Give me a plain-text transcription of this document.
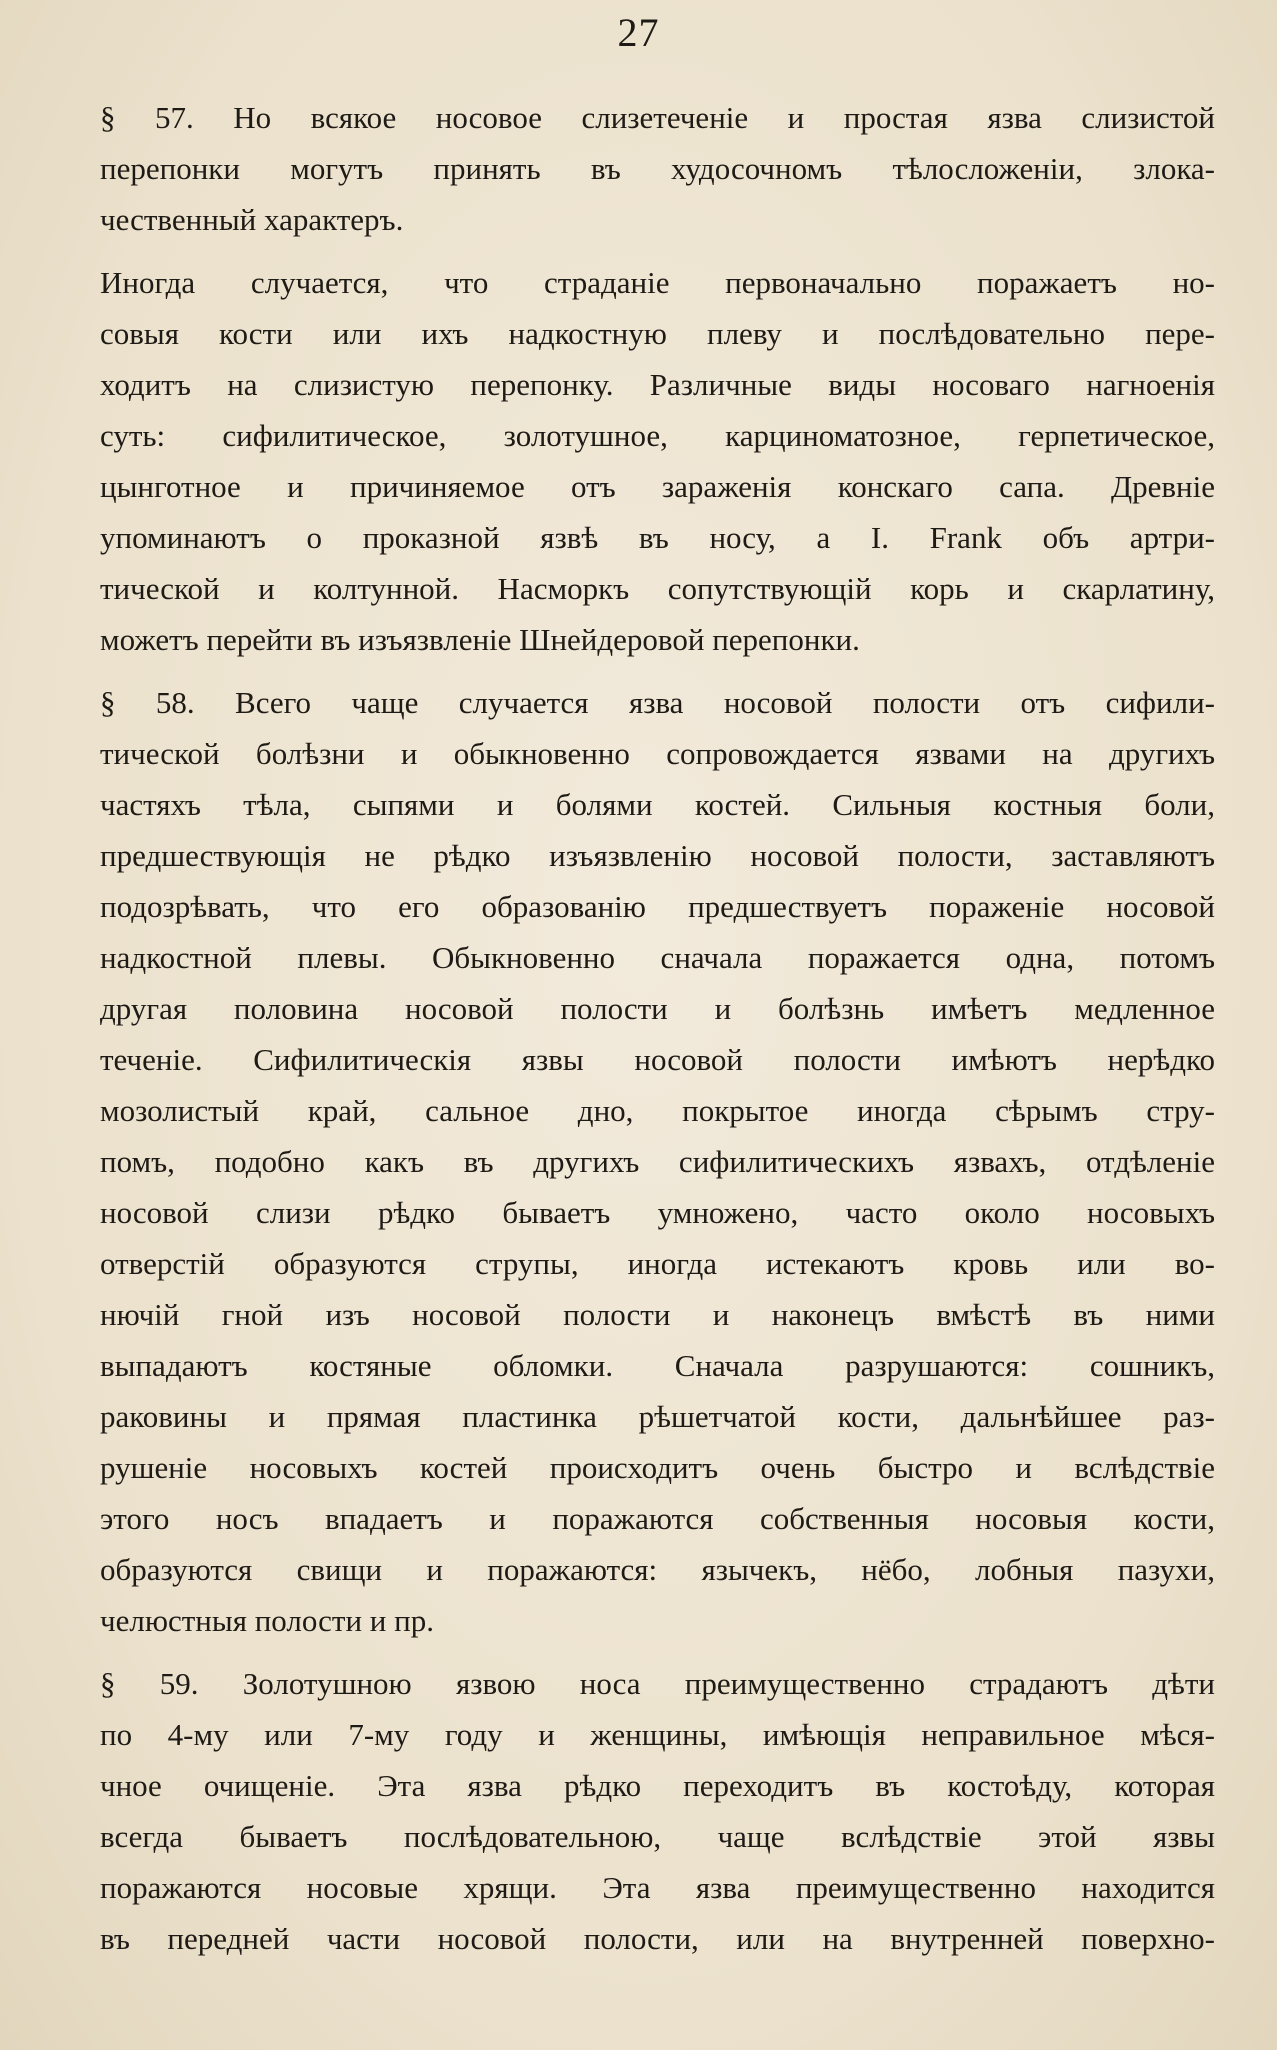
27

§ 57. Но всякое носовое слизетеченіе и простая язва слизистой
перепонки могутъ принять въ худосочномъ тѣлосложеніи, злока-
чественный характеръ.

Иногда случается, что страданіе первоначально поражаетъ но-
совыя кости или ихъ надкостную плеву и послѣдовательно пере-
ходитъ на слизистую перепонку. Различные виды носоваго нагноенія
суть: сифилитическое, золотушное, карциноматозное, герпетическое,
цынготное и причиняемое отъ зараженія конскаго сапа. Древніе
упоминаютъ о проказной язвѣ въ носу, а I. Frank объ артри-
тической и колтунной. Насморкъ сопутствующій корь и скарлатину,
можетъ перейти въ изъязвленіе Шнейдеровой перепонки.

§ 58. Всего чаще случается язва носовой полости отъ сифили-
тической болѣзни и обыкновенно сопровождается язвами на другихъ
частяхъ тѣла, сыпями и болями костей. Сильныя костныя боли,
предшествующія не рѣдко изъязвленію носовой полости, заставляютъ
подозрѣвать, что его образованію предшествуетъ пораженіе носовой
надкостной плевы. Обыкновенно сначала поражается одна, потомъ
другая половина носовой полости и болѣзнь имѣетъ медленное
теченіе. Сифилитическія язвы носовой полости имѣютъ нерѣдко
мозолистый край, сальное дно, покрытое иногда сѣрымъ стру-
помъ, подобно какъ въ другихъ сифилитическихъ язвахъ, отдѣленіе
носовой слизи рѣдко бываетъ умножено, часто около носовыхъ
отверстій образуются струпы, иногда истекаютъ кровь или во-
нючій гной изъ носовой полости и наконецъ вмѣстѣ въ ними
выпадаютъ костяные обломки. Сначала разрушаются: сошникъ,
раковины и прямая пластинка рѣшетчатой кости, дальнѣйшее раз-
рушеніе носовыхъ костей происходитъ очень быстро и вслѣдствіе
этого носъ впадаетъ и поражаются собственныя носовыя кости,
образуются свищи и поражаются: язычекъ, нёбо, лобныя пазухи,
челюстныя полости и пр.

§ 59. Золотушною язвою носа преимущественно страдаютъ дѣти
по 4-му или 7-му году и женщины, имѣющія неправильное мѣся-
чное очищеніе. Эта язва рѣдко переходитъ въ костоѣду, которая
всегда бываетъ послѣдовательною, чаще вслѣдствіе этой язвы
поражаются носовые хрящи. Эта язва преимущественно находится
въ передней части носовой полости, или на внутренней поверхно-
